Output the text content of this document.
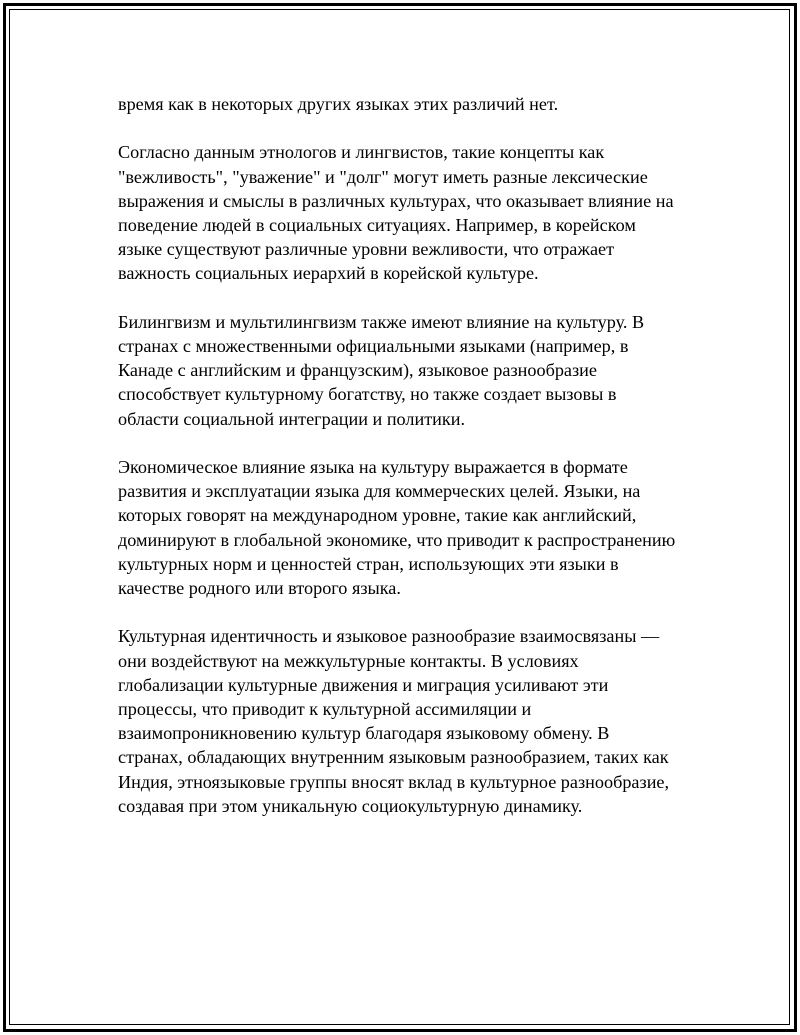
время как в некоторых других языках этих различий нет.

Согласно данным этнологов и лингвистов, такие концепты как
"вежливость", "уважение" и "долг" могут иметь разные лексические
выражения и смыслы в различных культурах, что оказывает влияние на
поведение людей в социальных ситуациях. Например, в корейском
языке существуют различные уровни вежливости, что отражает
важность социальных иерархий в корейской культуре.

Билингвизм и мультилингвизм также имеют влияние на культуру. В
странах с множественными официальными языками (например, в
Канаде с английским и французским), языковое разнообразие
способствует культурному богатству, но также создает вызовы в
области социальной интеграции и политики.

Экономическое влияние языка на культуру выражается в формате
развития и эксплуатации языка для коммерческих целей. Языки, на
которых говорят на международном уровне, такие как английский,
доминируют в глобальной экономике, что приводит к распространению
культурных норм и ценностей стран, использующих эти языки в
качестве родного или второго языка.

Культурная идентичность и языковое разнообразие взаимосвязаны —
они воздействуют на межкультурные контакты. В условиях
глобализации культурные движения и миграция усиливают эти
процессы, что приводит к культурной ассимиляции и
взаимопроникновению культур благодаря языковому обмену. В
странах, обладающих внутренним языковым разнообразием, таких как
Индия, этноязыковые группы вносят вклад в культурное разнообразие,
создавая при этом уникальную социокультурную динамику.
